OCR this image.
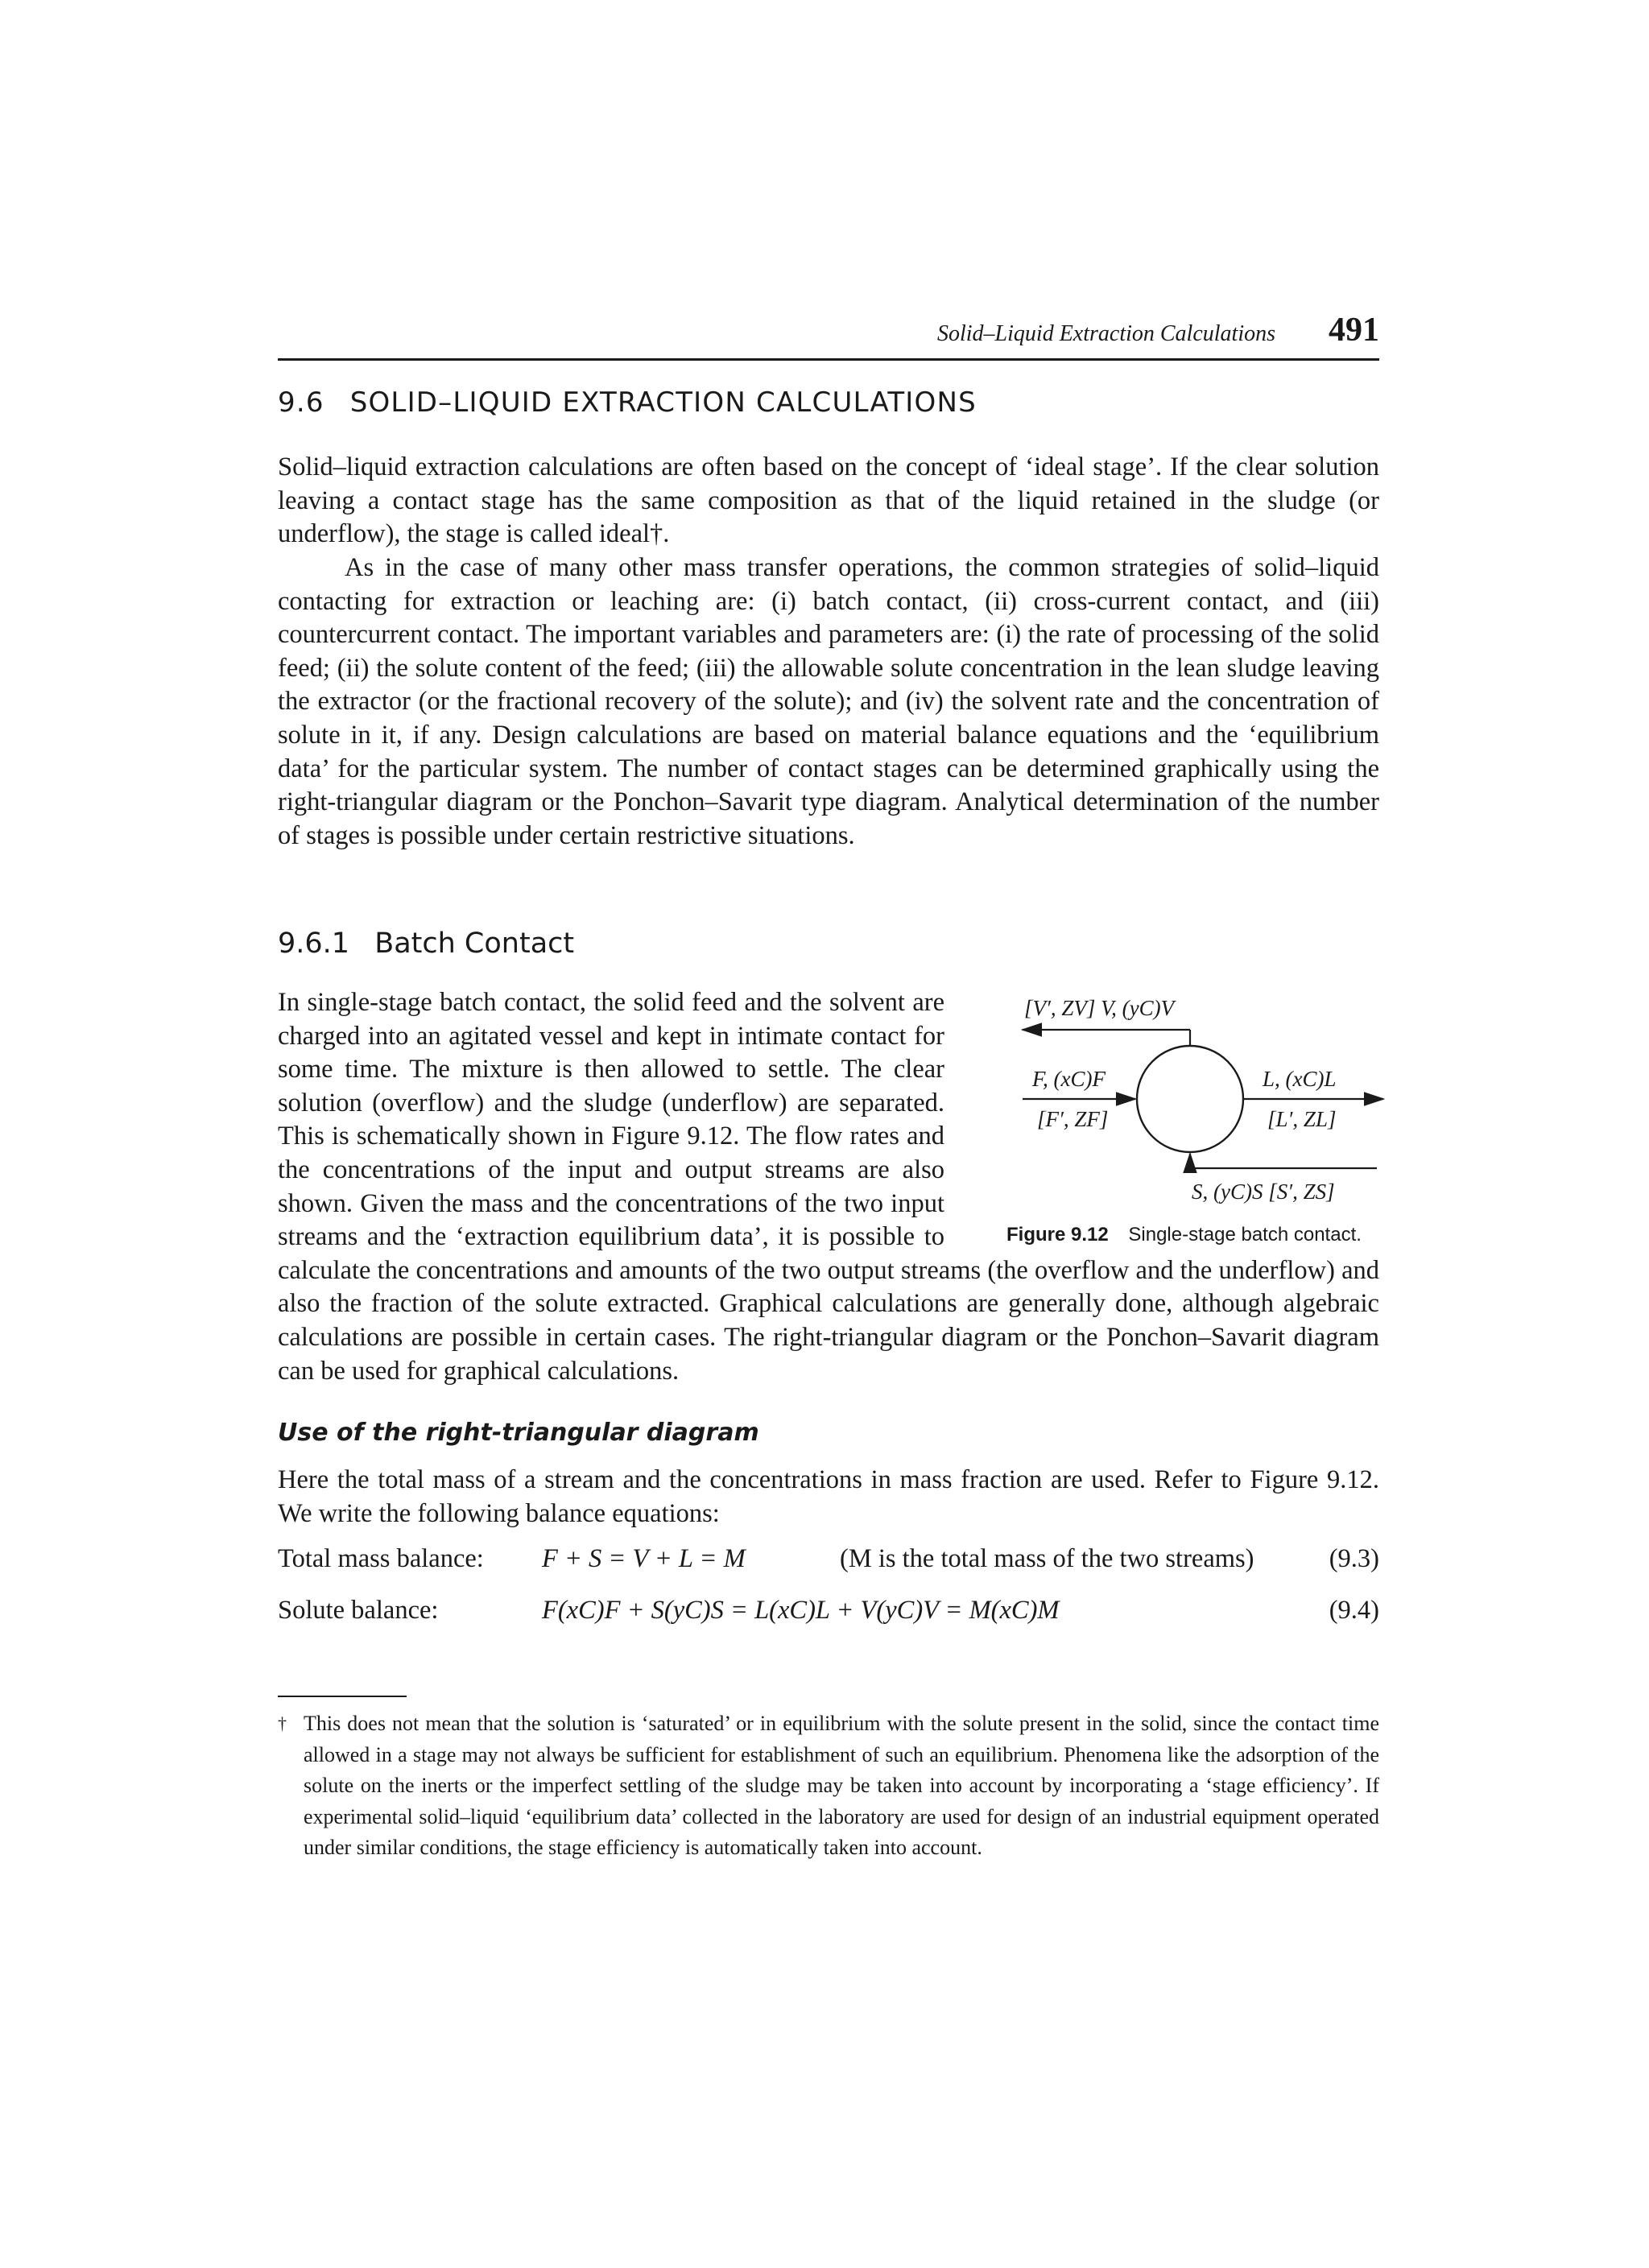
Solid–Liquid Extraction Calculations 491
9.6 SOLID–LIQUID EXTRACTION CALCULATIONS

Solid–liquid extraction calculations are often based on the concept of ‘ideal stage’. If the clear solution leaving a contact stage has the same composition as that of the liquid retained in the sludge (or underflow), the stage is called ideal†.

As in the case of many other mass transfer operations, the common strategies of solid–liquid contacting for extraction or leaching are: (i) batch contact, (ii) cross-current contact, and (iii) countercurrent contact. The important variables and parameters are: (i) the rate of processing of the solid feed; (ii) the solute content of the feed; (iii) the allowable solute concentration in the lean sludge leaving the extractor (or the fractional recovery of the solute); and (iv) the solvent rate and the concentration of solute in it, if any. Design calculations are based on material balance equations and the ‘equilibrium data’ for the particular system. The number of contact stages can be determined graphically using the right-triangular diagram or the Ponchon–Savarit type diagram. Analytical determination of the number of stages is possible under certain restrictive situations.

9.6.1 Batch Contact
In single-stage batch contact, the solid feed and the solvent are charged into an agitated vessel and kept in intimate contact for some time. The mixture is then allowed to settle. The clear solution (overflow) and the sludge (underflow) are separated. This is schematically shown in Figure 9.12. The flow rates and the concentrations of the input and output streams are also shown. Given the mass and the concentrations of the two input streams and the ‘extraction equilibrium data’, it is possible to calculate the concentrations and amounts of the two output streams (the overflow and the underflow) and also the fraction of the solute extracted. Graphical calculations are generally done, although algebraic calculations are possible in certain cases. The right-triangular diagram or the Ponchon–Savarit diagram can be used for graphical calculations.
[V′, ZV] V, (yC)V
F, (xC)F
[F′, ZF]
L, (xC)L
[L′, ZL]
S, (yC)S [S′, ZS]
Figure 9.12 Single-stage batch contact.
Use of the right-triangular diagram

Here the total mass of a stream and the concentrations in mass fraction are used. Refer to Figure 9.12. We write the following balance equations:

Total mass balance: F + S = V + L = M	(M is the total mass of the two streams)	(9.3)
Solute balance:	F(xC)F + S(yC)S = L(xC)L + V(yC)V = M(xC)M	(9.4)
† This does not mean that the solution is ‘saturated’ or in equilibrium with the solute present in the solid, since the contact time allowed in a stage may not always be sufficient for establishment of such an equilibrium. Phenomena like the adsorption of the solute on the inerts or the imperfect settling of the sludge may be taken into account by incorporating a ‘stage efficiency’. If experimental solid–liquid ‘equilibrium data’ collected in the laboratory are used for design of an industrial equipment operated under similar conditions, the stage efficiency is automatically taken into account.
